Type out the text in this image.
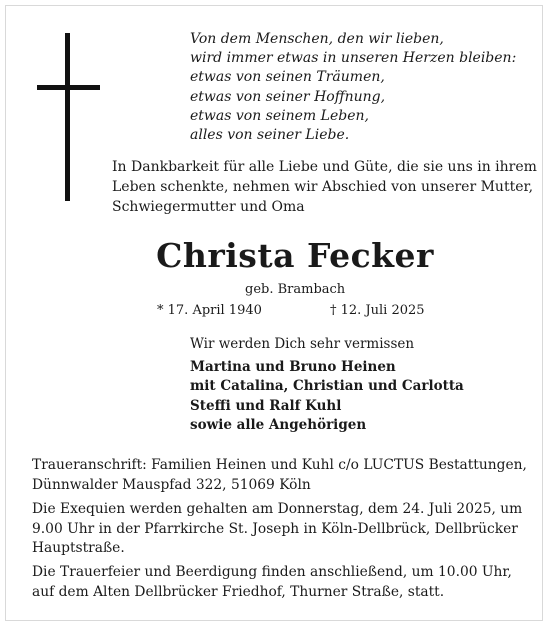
Von dem Menschen, den wir lieben,
wird immer etwas in unseren Herzen bleiben:
etwas von seinen Träumen,
etwas von seiner Hoffnung,
etwas von seinem Leben,
alles von seiner Liebe.
In Dankbarkeit für alle Liebe und Güte, die sie uns in ihrem
Leben schenkte, nehmen wir Abschied von unserer Mutter,
Schwiegermutter und Oma
Christa Fecker
geb. Brambach
* 17. April 1940	† 12. Juli 2025
Wir werden Dich sehr vermissen
Martina und Bruno Heinen
mit Catalina, Christian und Carlotta
Steffi und Ralf Kuhl
sowie alle Angehörigen
Traueranschrift: Familien Heinen und Kuhl c/o LUCTUS Bestattungen,
Dünnwalder Mauspfad 322, 51069 Köln
Die Exequien werden gehalten am Donnerstag, dem 24. Juli 2025, um
9.00 Uhr in der Pfarrkirche St. Joseph in Köln-Dellbrück, Dellbrücker
Hauptstraße.
Die Trauerfeier und Beerdigung finden anschließend, um 10.00 Uhr,
auf dem Alten Dellbrücker Friedhof, Thurner Straße, statt.
